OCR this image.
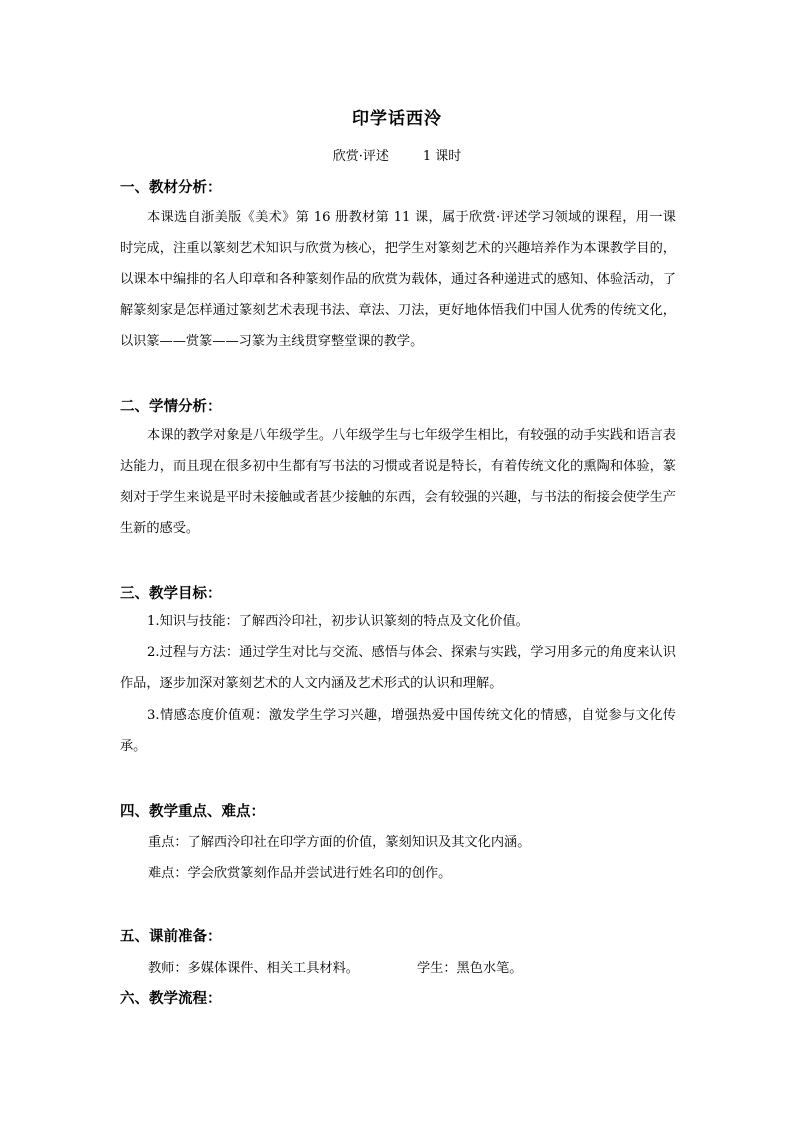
印学话西泠
欣赏·评述	1 课时
一、教材分析：

本课选自浙美版《美术》第 16 册教材第 11 课，属于欣赏·评述学习领域的课程，用一课时完成，注重以篆刻艺术知识与欣赏为核心，把学生对篆刻艺术的兴趣培养作为本课教学目的，以课本中编排的名人印章和各种篆刻作品的欣赏为载体，通过各种递进式的感知、体验活动，了解篆刻家是怎样通过篆刻艺术表现书法、章法、刀法，更好地体悟我们中国人优秀的传统文化，以识篆——赏篆——习篆为主线贯穿整堂课的教学。

二、学情分析：

本课的教学对象是八年级学生。八年级学生与七年级学生相比，有较强的动手实践和语言表达能力，而且现在很多初中生都有写书法的习惯或者说是特长，有着传统文化的熏陶和体验，篆刻对于学生来说是平时未接触或者甚少接触的东西，会有较强的兴趣，与书法的衔接会使学生产生新的感受。

三、教学目标：

1.知识与技能：了解西泠印社，初步认识篆刻的特点及文化价值。

2.过程与方法：通过学生对比与交流、感悟与体会、探索与实践，学习用多元的角度来认识作品，逐步加深对篆刻艺术的人文内涵及艺术形式的认识和理解。

3.情感态度价值观：激发学生学习兴趣，增强热爱中国传统文化的情感，自觉参与文化传承。

四、教学重点、难点：
重点：了解西泠印社在印学方面的价值，篆刻知识及其文化内涵。
难点：学会欣赏篆刻作品并尝试进行姓名印的创作。
五、课前准备：
教师：多媒体课件、相关工具材料。	学生：黑色水笔。
六、教学流程：
